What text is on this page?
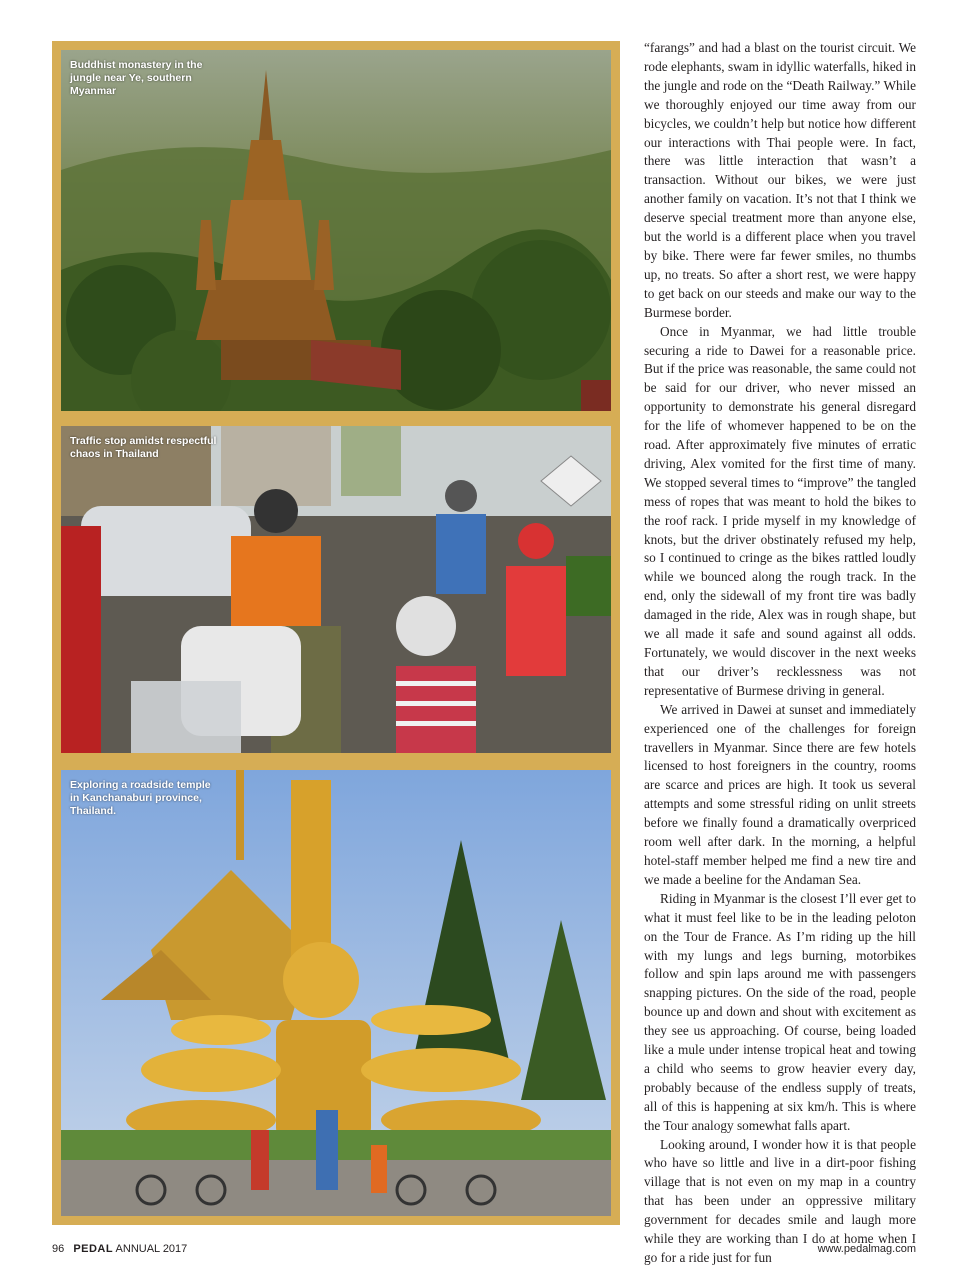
Buddhist monastery in the jungle near Ye, southern Myanmar
Traffic stop amidst respectful chaos in Thailand
Exploring a roadside temple in Kanchanaburi province, Thailand.

“farangs” and had a blast on the tourist circuit. We rode elephants, swam in idyllic waterfalls, hiked in the jungle and rode on the “Death Railway.” While we thoroughly enjoyed our time away from our bicycles, we couldn’t help but notice how different our interactions with Thai people were. In fact, there was little interaction that wasn’t a transaction. Without our bikes, we were just another family on vacation. It’s not that I think we deserve special treatment more than anyone else, but the world is a different place when you travel by bike. There were far fewer smiles, no thumbs up, no treats. So after a short rest, we were happy to get back on our steeds and make our way to the Burmese border.

Once in Myanmar, we had little trouble securing a ride to Dawei for a reasonable price. But if the price was reasonable, the same could not be said for our driver, who never missed an opportunity to demonstrate his general disregard for the life of whomever happened to be on the road. After approximately five minutes of erratic driving, Alex vomited for the first time of many. We stopped several times to “improve” the tangled mess of ropes that was meant to hold the bikes to the roof rack. I pride myself in my knowledge of knots, but the driver obstinately refused my help, so I continued to cringe as the bikes rattled loudly while we bounced along the rough track. In the end, only the sidewall of my front tire was badly damaged in the ride, Alex was in rough shape, but we all made it safe and sound against all odds. Fortunately, we would discover in the next weeks that our driver’s recklessness was not representative of Burmese driving in general.

We arrived in Dawei at sunset and immediately experienced one of the challenges for foreign travellers in Myanmar. Since there are few hotels licensed to host foreigners in the country, rooms are scarce and prices are high. It took us several attempts and some stressful riding on unlit streets before we finally found a dramatically overpriced room well after dark. In the morning, a helpful hotel-staff member helped me find a new tire and we made a beeline for the Andaman Sea.

Riding in Myanmar is the closest I’ll ever get to what it must feel like to be in the leading peloton on the Tour de France. As I’m riding up the hill with my lungs and legs burning, motorbikes follow and spin laps around me with passengers snapping pictures. On the side of the road, people bounce up and down and shout with excitement as they see us approaching. Of course, being loaded like a mule under intense tropical heat and towing a child who seems to grow heavier every day, probably because of the endless supply of treats, all of this is happening at six km/h. This is where the Tour analogy somewhat falls apart.

Looking around, I wonder how it is that people who have so little and live in a dirt-poor fishing village that is not even on my map in a country that has been under an oppressive military government for decades smile and laugh more while they are working than I do at home when I go for a ride just for fun

96 PEDAL ANNUAL 2017	www.pedalmag.com
